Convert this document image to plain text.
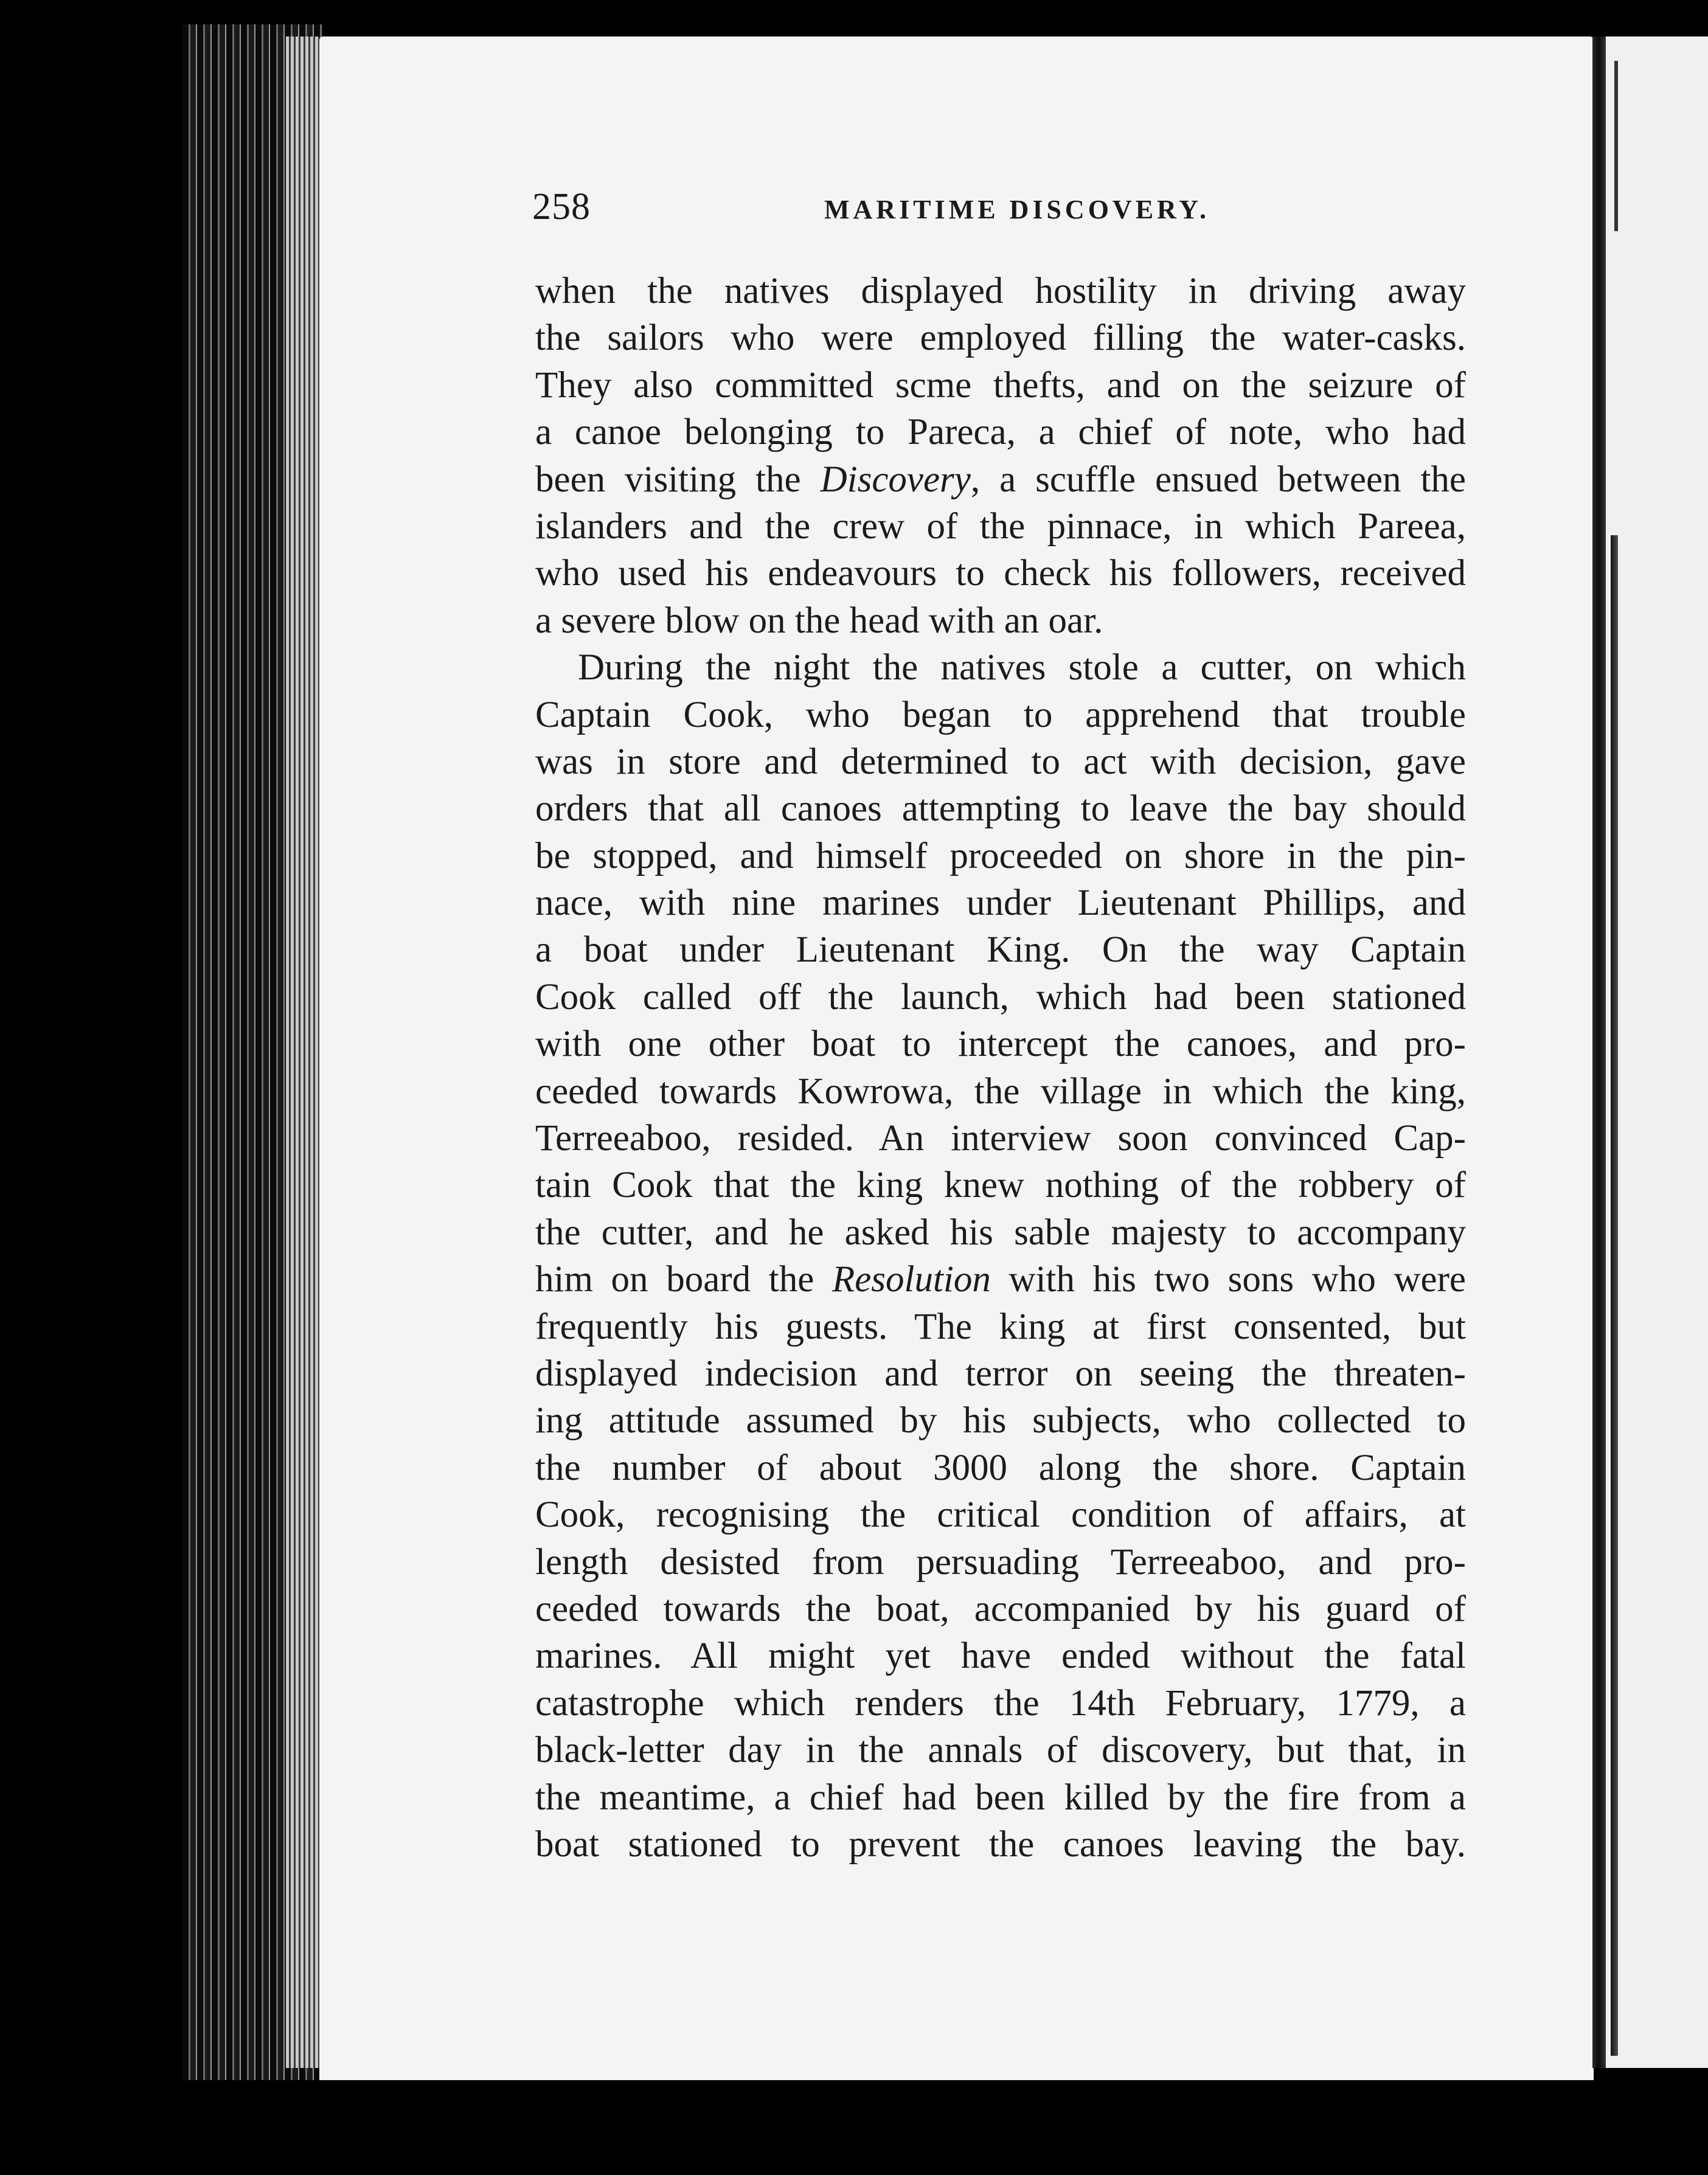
258	MARITIME DISCOVERY.
when the natives displayed hostility in driving away
the sailors who were employed filling the water-casks.
They also committed scme thefts, and on the seizure of
a canoe belonging to Pareca, a chief of note, who had
been visiting the Discovery, a scuffle ensued between the
islanders and the crew of the pinnace, in which Pareea,
who used his endeavours to check his followers, received
a severe blow on the head with an oar.
During the night the natives stole a cutter, on which
Captain Cook, who began to apprehend that trouble
was in store and determined to act with decision, gave
orders that all canoes attempting to leave the bay should
be stopped, and himself proceeded on shore in the pin-
nace, with nine marines under Lieutenant Phillips, and
a boat under Lieutenant King. On the way Captain
Cook called off the launch, which had been stationed
with one other boat to intercept the canoes, and pro-
ceeded towards Kowrowa, the village in which the king,
Terreeaboo, resided. An interview soon convinced Cap-
tain Cook that the king knew nothing of the robbery of
the cutter, and he asked his sable majesty to accompany
him on board the Resolution with his two sons who were
frequently his guests. The king at first consented, but
displayed indecision and terror on seeing the threaten-
ing attitude assumed by his subjects, who collected to
the number of about 3000 along the shore. Captain
Cook, recognising the critical condition of affairs, at
length desisted from persuading Terreeaboo, and pro-
ceeded towards the boat, accompanied by his guard of
marines. All might yet have ended without the fatal
catastrophe which renders the 14th February, 1779, a
black-letter day in the annals of discovery, but that, in
the meantime, a chief had been killed by the fire from a
boat stationed to prevent the canoes leaving the bay.
